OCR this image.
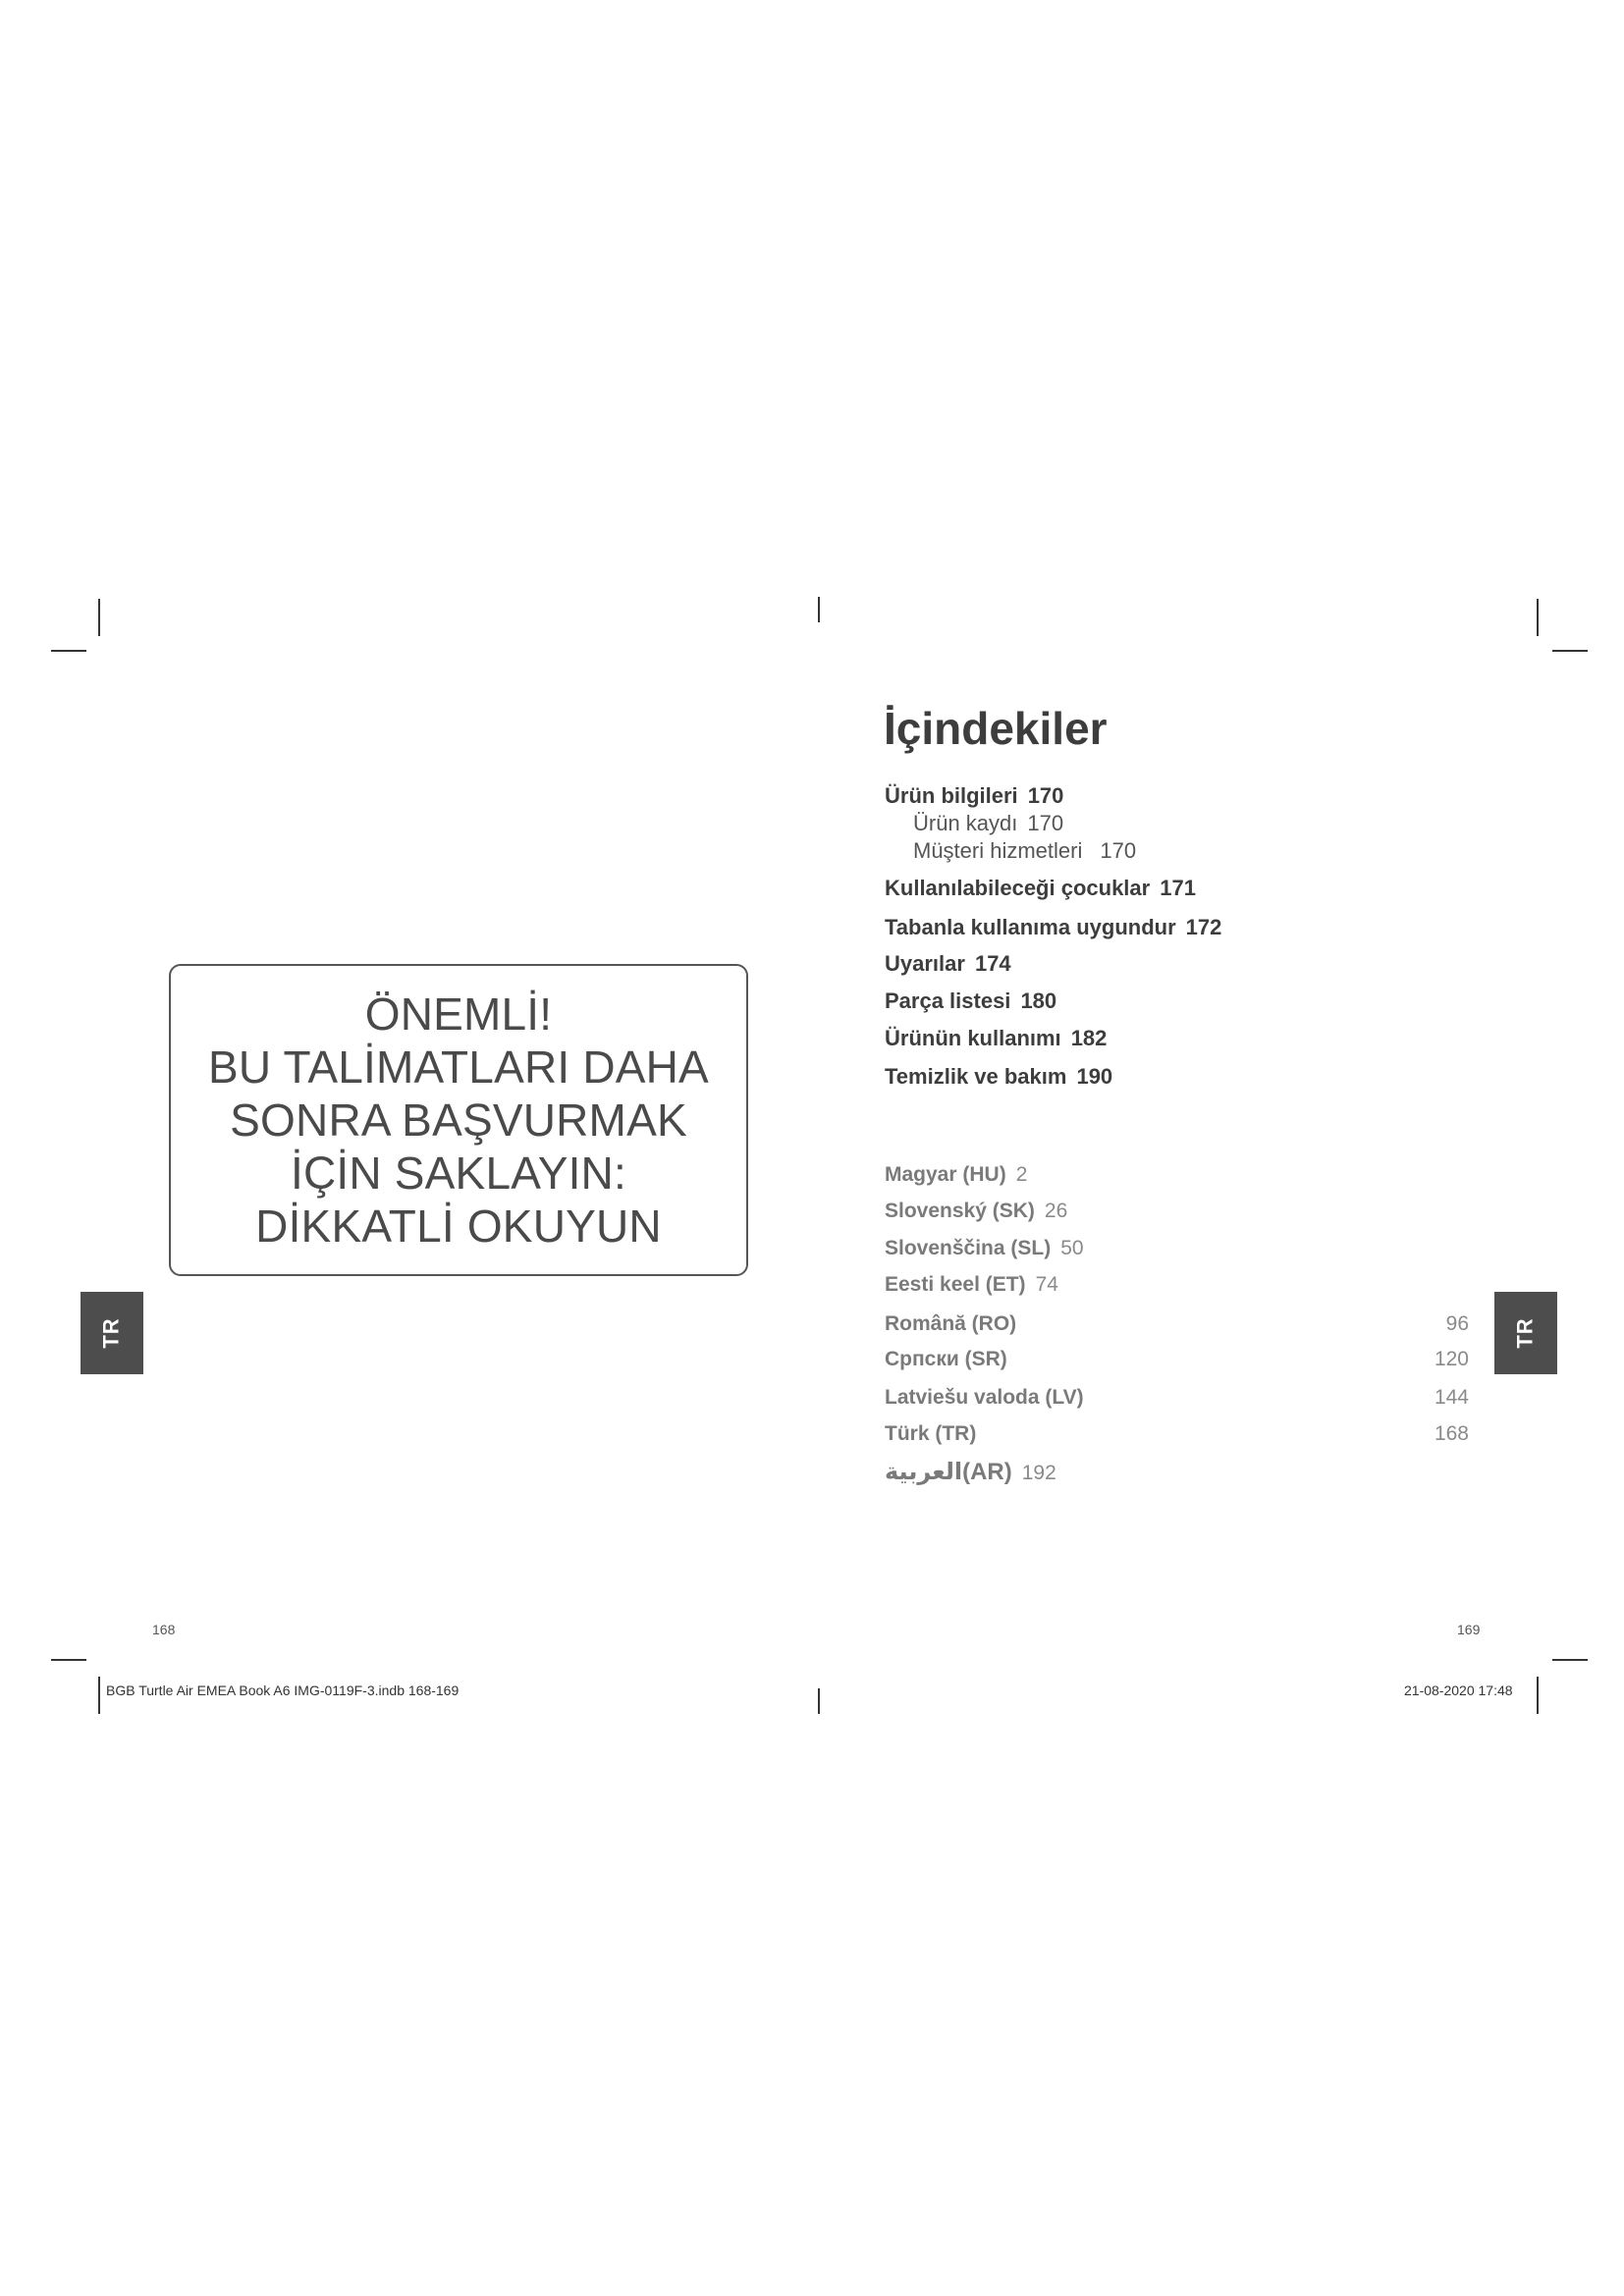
ÖNEMLİ!
BU TALİMATLARI DAHA
SONRA BAŞVURMAK
İÇİN SAKLAYIN:
DİKKATLİ OKUYUN
TR	TR
İçindekiler
Ürün bilgileri 170
Ürün kaydı 170
Müşteri hizmetleri 170
Kullanılabileceği çocuklar 171
Tabanla kullanıma uygundur 172
Uyarılar 174
Parça listesi 180
Ürünün kullanımı 182
Temizlik ve bakım 190
Magyar (HU) 2
Slovenský (SK) 26
Slovenščina (SL) 50
Eesti keel (ET) 74
Română (RO)	96
Српски (SR)	120
Latviešu valoda (LV)	144
Türk (TR)	168
العربية(AR) 192
168	169
BGB Turtle Air EMEA Book A6 IMG-0119F-3.indb 168-169	21-08-2020 17:48
